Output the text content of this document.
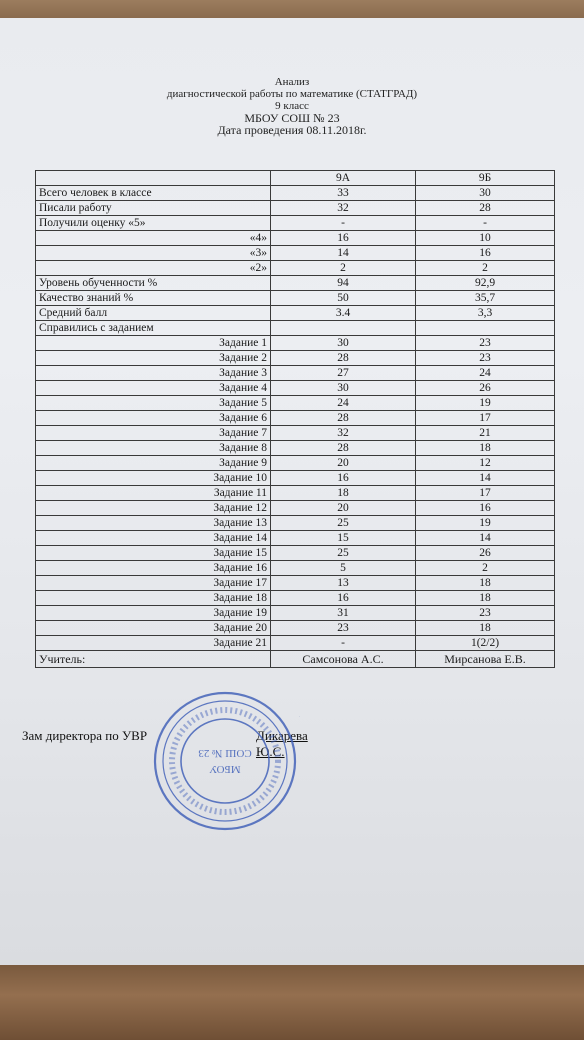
Анализ
диагностической работы по математике (СТАТГРАД)
9 класс
МБОУ СОШ № 23
Дата проведения 08.11.2018г.
	9А	9Б
Всего человек в классе	33	30
Писали работу	32	28
Получили оценку «5»	-	-
«4»	16	10
«3»	14	16
«2»	2	2
Уровень обученности %	94	92,9
Качество знаний %	50	35,7
Средний балл	3.4	3,3
Справились с заданием		
Задание 1	30	23
Задание 2	28	23
Задание 3	27	24
Задание 4	30	26
Задание 5	24	19
Задание 6	28	17
Задание 7	32	21
Задание 8	28	18
Задание 9	20	12
Задание 10	16	14
Задание 11	18	17
Задание 12	20	16
Задание 13	25	19
Задание 14	15	14
Задание 15	25	26
Задание 16	5	2
Задание 17	13	18
Задание 18	16	18
Задание 19	31	23
Задание 20	23	18
Задание 21	-	1(2/2)
Учитель:	Самсонова А.С.	Мирсанова Е.В.
Зам директора по УВР	Дикарева Ю.С.
МБОУ
СОШ № 23
